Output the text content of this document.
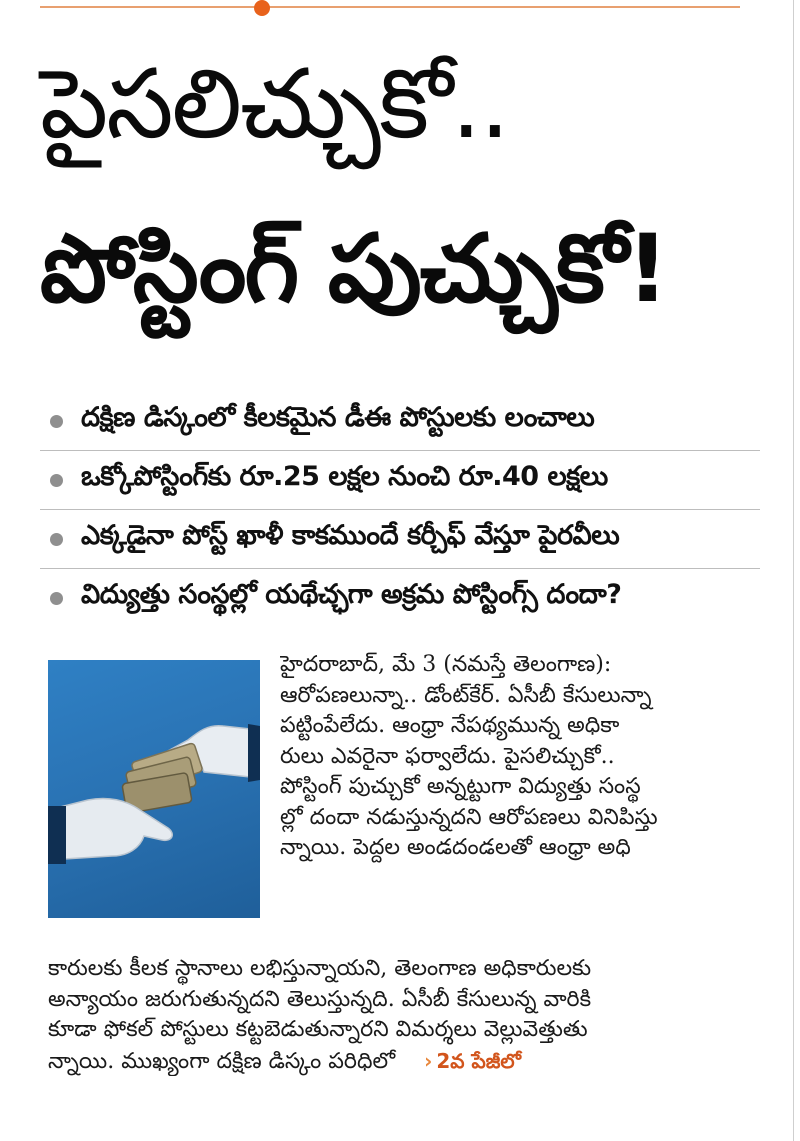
పైసలిచ్చుకో..
పోస్టింగ్ పుచ్చుకో!
దక్షిణ డిస్కంలో కీలకమైన డీఈ పోస్టులకు లంచాలు
ఒక్కోపోస్టింగ్‌కు రూ.25 లక్షల నుంచి రూ.40 లక్షలు
ఎక్కడైనా పోస్ట్ ఖాళీ కాకముందే కర్చీఫ్ వేస్తూ పైరవీలు
విద్యుత్తు సంస్థల్లో యథేచ్ఛగా అక్రమ పోస్టింగ్స్ దందా?
హైదరాబాద్, మే 3 (నమస్తే తెలంగాణ):
ఆరోపణలున్నా.. డోంట్‌కేర్. ఏసీబీ కేసులున్నా
పట్టింపేలేదు. ఆంధ్రా నేపథ్యమున్న అధికా
రులు ఎవరైనా ఫర్వాలేదు. పైసలిచ్చుకో..
పోస్టింగ్ పుచ్చుకో అన్నట్టుగా విద్యుత్తు సంస్థ
ల్లో దందా నడుస్తున్నదని ఆరోపణలు వినిపిస్తు
న్నాయి. పెద్దల అండదండలతో ఆంధ్రా అధి
కారులకు కీలక స్థానాలు లభిస్తున్నాయని, తెలంగాణ అధికారులకు
అన్యాయం జరుగుతున్నదని తెలుస్తున్నది. ఏసీబీ కేసులున్న వారికి
కూడా ఫోకల్ పోస్టులు కట్టబెడుతున్నారని విమర్శలు వెల్లువెత్తుతు
న్నాయి. ముఖ్యంగా దక్షిణ డిస్కం పరిధిలో › 2వ పేజీలో
